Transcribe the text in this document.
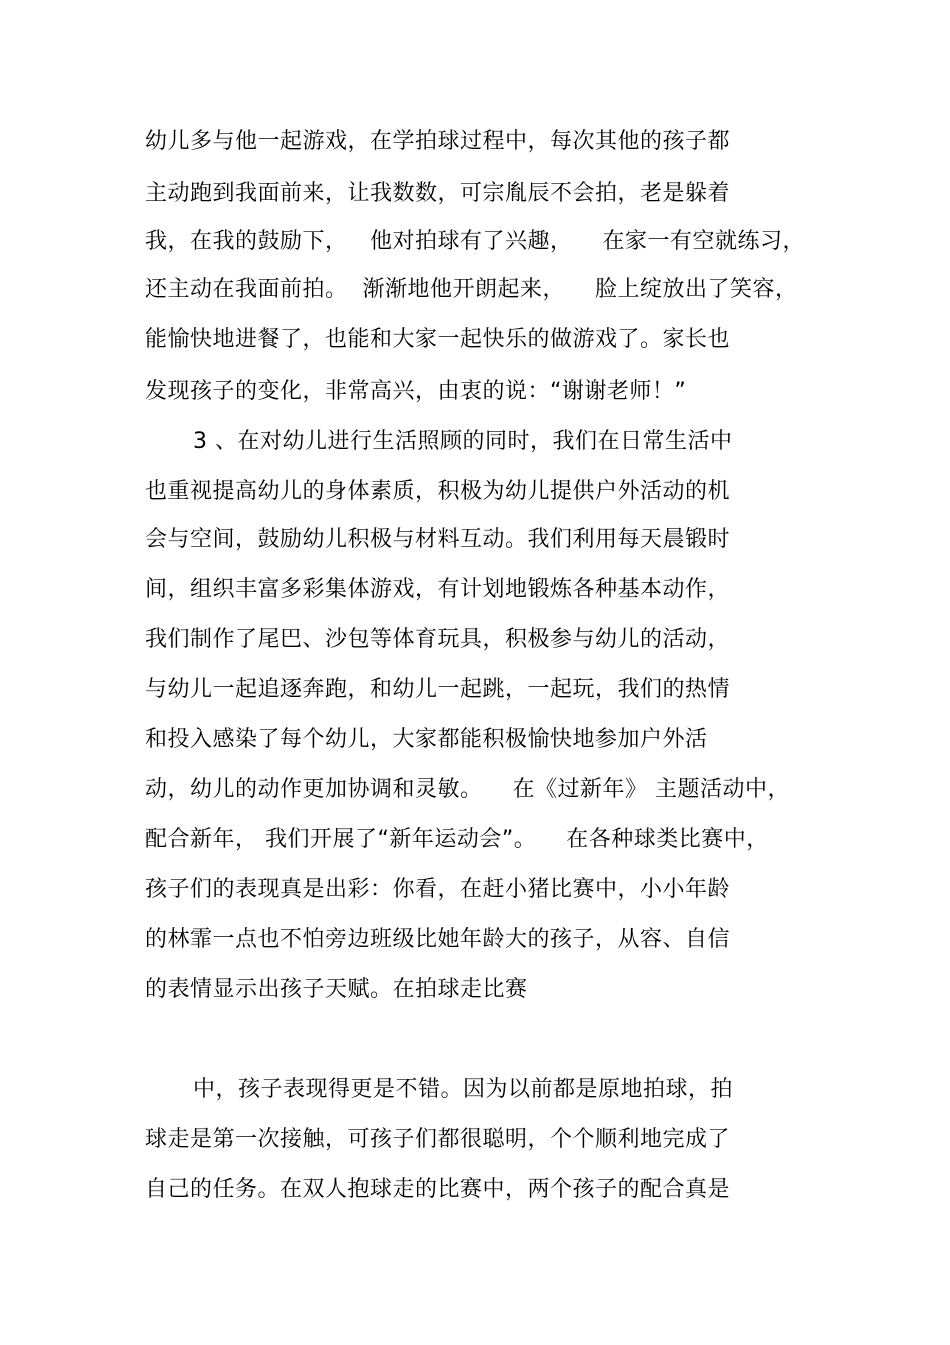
幼儿多与他一起游戏，在学拍球过程中，每次其他的孩子都
主动跑到我面前来，让我数数，可宗胤辰不会拍，老是躲着
我，在我的鼓励下，   他对拍球有了兴趣，    在家一有空就练习，
还主动在我面前拍。  渐渐地他开朗起来，    脸上绽放出了笑容，
能愉快地进餐了，也能和大家一起快乐的做游戏了。家长也
发现孩子的变化，非常高兴，由衷的说：“谢谢老师！”
3 、在对幼儿进行生活照顾的同时，我们在日常生活中
也重视提高幼儿的身体素质，积极为幼儿提供户外活动的机
会与空间，鼓励幼儿积极与材料互动。我们利用每天晨锻时
间，组织丰富多彩集体游戏，有计划地锻炼各种基本动作，
我们制作了尾巴、沙包等体育玩具，积极参与幼儿的活动，
与幼儿一起追逐奔跑，和幼儿一起跳，一起玩，我们的热情
和投入感染了每个幼儿，大家都能积极愉快地参加户外活
动，幼儿的动作更加协调和灵敏。    在《过新年》 主题活动中，
配合新年， 我们开展了“新年运动会”。    在各种球类比赛中，
孩子们的表现真是出彩：你看，在赶小猪比赛中，小小年龄
的林霏一点也不怕旁边班级比她年龄大的孩子，从容、自信
的表情显示出孩子天赋。在拍球走比赛
中，孩子表现得更是不错。因为以前都是原地拍球，拍
球走是第一次接触，可孩子们都很聪明，个个顺利地完成了
自己的任务。在双人抱球走的比赛中，两个孩子的配合真是
